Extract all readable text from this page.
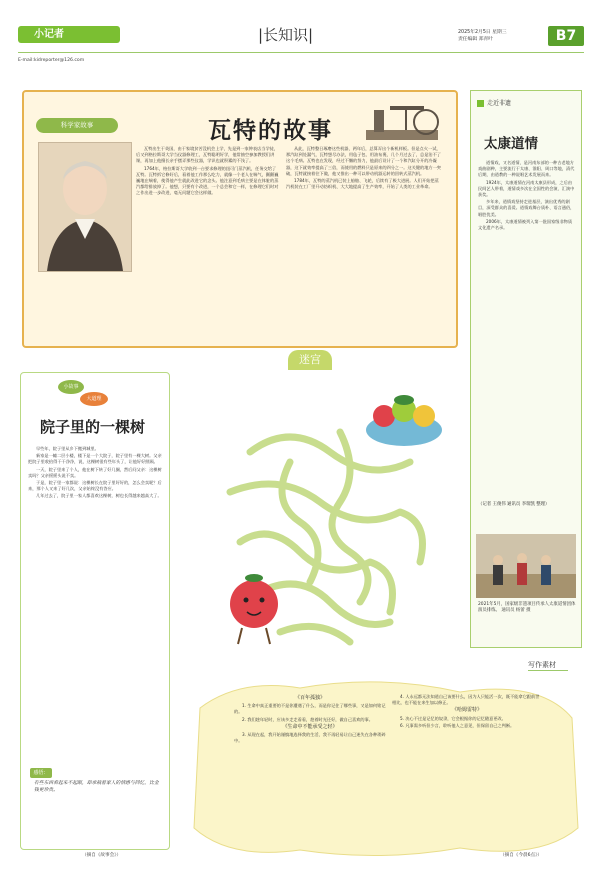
小记者
E-mail:kidreporter@126.com
|长知识|	2025年2月5日 星期三
责任编辑 郑青叶	B7
科学家故事	瓦特的故事

瓦特出生于英国，由于家境贫苦没机会上学，先是到一家钟表店当学徒，后又到格拉斯哥大学当仪器修理工，瓦特聪明好学，他常抽空参加教授们讲课，再加上他擅长亲手摆弄那些仪器，学识也就积累的不浅了。

1764年，格拉斯哥大学收到一台要求修理的纽可门蒸汽机，任务交给了瓦特。瓦特拆它修好后，看着他工作那么吃力，就像一个老人在喘气，颤颤巍巍地在喘着，使得他产生就此改进它的念头。他注意到毛病主要是在体脏的蒸汽都给排放掉了。他想，只要有个改进，一个总会和它一样，在修理它们时对之作出进一步改进，毫无问题它会这样做。

从此，瓦特整日琢磨这些机器，两年后，总算弄出个新机样板。但是点火一试，那汽缸到处漏气，瓦特想尽办法，用毡子包、用油布裹，几个月过去了，总是治不了这个毛病。瓦特也在发现，经过不懈的努力，他最后设计了一个和汽缸分开的冷凝器，这下就效率提高了三倍，而使用的燃料只是原来的四分之一。这关键的地方一突破，瓦特就接着往下做，他又推出一种可以带动机器运转的回转式蒸汽机。

1784年，瓦特的蒸汽机已装上船舶、飞轮，后续有了极大进展。人们开始把蒸汽机装在工厂里开动纺织机、大大地提高了生产效率，开始了人类的工业革命。

走近非遗
太康道情

道情戏，又名道情，是河南东部的一种古老地方戏曲剧种，主要流行于太康、淮阳、周口等地，清代后期，由道教的一种说唱艺术发展而来。

1924年，太康道情在河南太康县形成，之后由民间艺人带着，道情戏多次在全国性的会演、汇演中获奖。

多年来，道情戏坚持走进基层，演出优秀的剧目，深受群众的喜爱。道情戏舞台质朴、语言通俗，唱腔优美。

2006年，太康道情被列入第一批国家级非物质文化遗产名录。

（记者 王俊伟 通讯员 李瑞凯 整理）
2021年5月，国家级非遗项目传承人太康道情团体演员排练。 通讯员 杨蕾 摄
迷宫
小故事
大道理
院子里的一棵树

早些年，院子里从乡下搬到城里。

新家是一幢二层小楼，楼下是一个大院子，院子里有一棵大树。父亲把院子里收拾得干干净净，说，这棵树很有些年头了，让他好好照顾。

一天，院子里来了个人，他在树下转了好几圈，然后问父亲：这棵树卖吗？父亲摇摇头说不卖。

于是，院子里一家都说：这棵树长在院子里好好的，怎么会卖呢？后来，那个人又来了好几次，父亲始终没有答应。

几年过去了，院子里一家人都喜欢这棵树，树也长得越来越高大了。

感悟：
有些东西看起来不起眼，却承载着家人的情感与回忆，比金钱更珍贵。
（摘自《故事会》）
写作素材
《百年孤独》

1. 生命中真正重要的不是你遭遇了什么，而是你记住了哪些事，又是如何铭记的。

2. 我们趁年轻时，应该多走走看看，趁着时光还好，做自己喜欢的事。

《生命中不能承受之轻》

3. 从现在起，我开始谨慎地选择我的生活，我不再轻易让自己迷失在各种琐碎中。

4. 人永远都无法知道自己该要什么，因为人只能活一次，既不能拿它跟前世相比，也不能在来生加以修正。

《哈姆雷特》

5. 决心不过是记忆的奴隶，它会根据你的记忆随意更改。

6. 凡事需多听但少言，聆听他人之意见，但保留自己之判断。

（摘自《今晨6点》）
